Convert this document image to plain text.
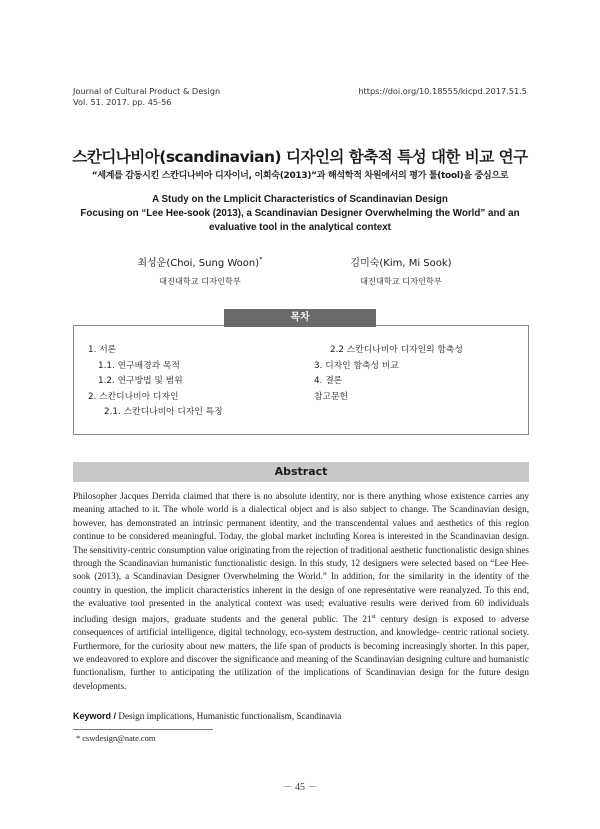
Journal of Cultural Product & Design
Vol. 51. 2017. pp. 45-56
https://doi.org/10.18555/kicpd.2017.51.5
스칸디나비아(scandinavian) 디자인의 함축적 특성 대한 비교 연구
“세계를 감동시킨 스칸디나비아 디자이너, 이희숙(2013)”과 해석학적 차원에서의 평가 툴(tool)을 중심으로
A Study on the Lmplicit Characteristics of Scandinavian Design
Focusing on “Lee Hee-sook (2013), a Scandinavian Designer Overwhelming the World” and an
evaluative tool in the analytical context
최성운(Choi, Sung Woon)*
대진대학교 디자인학부
김미숙(Kim, Mi Sook)
대진대학교 디자인학부
1. 서론
1.1. 연구배경과 목적
1.2. 연구방법 및 범위
2. 스칸디나비아 디자인
2.1. 스칸디나비아 디자인 특징
2.2 스칸디나비아 디자인의 함축성
3. 디자인 함축성 비교
4. 결론
참고문헌
목차
Abstract
Philosopher Jacques Derrida claimed that there is no absolute identity, nor is there anything whose existence carries any meaning attached to it. The whole world is a dialectical object and is also subject to change. The Scandinavian design, however, has demonstrated an intrinsic permanent identity, and the transcendental values and aesthetics of this region continue to be considered meaningful. Today, the global market including Korea is interested in the Scandinavian design. The sensitivity-centric consumption value originating from the rejection of traditional aesthetic functionalistic design shines through the Scandinavian humanistic functionalistic design. In this study, 12 designers were selected based on “Lee Hee-sook (2013), a Scandinavian Designer Overwhelming the World.” In addition, for the similarity in the identity of the country in question, the implicit characteristics inherent in the design of one representative were reanalyzed. To this end, the evaluative tool presented in the analytical context was used; evaluative results were derived from 60 individuals including design majors, graduate students and the general public. The 21st century design is exposed to adverse consequences of artificial intelligence, digital technology, eco-system destruction, and knowledge- centric rational society. Furthermore, for the curiosity about new matters, the life span of products is becoming increasingly shorter. In this paper, we endeavored to explore and discover the significance and meaning of the Scandinavian designing culture and humanistic functionalism, further to anticipating the utilization of the implications of Scandinavian design for the future design developments.
Keyword / Design implications, Humanistic functionalism, Scandinavia
* cswdesign@nate.com
－ 45 －
